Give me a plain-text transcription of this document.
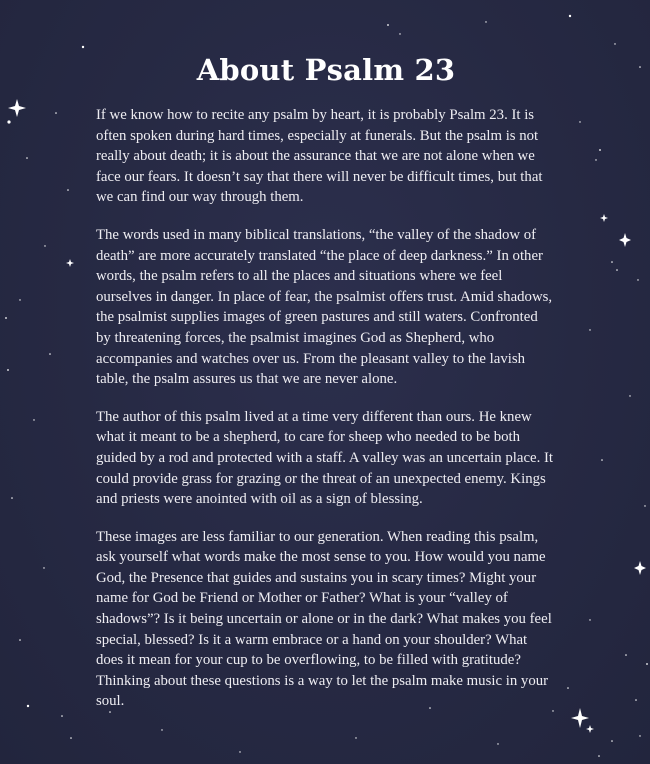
About Psalm 23

If we know how to recite any psalm by heart, it is probably Psalm 23. It is often spoken during hard times, especially at funerals. But the psalm is not really about death; it is about the assurance that we are not alone when we face our fears. It doesn’t say that there will never be difficult times, but that we can find our way through them.

The words used in many biblical translations, “the valley of the shadow of death” are more accurately translated “the place of deep darkness.” In other words, the psalm refers to all the places and situations where we feel ourselves in danger. In place of fear, the psalmist offers trust. Amid shadows, the psalmist supplies images of green pastures and still waters. Confronted by threatening forces, the psalmist imagines God as Shepherd, who accompanies and watches over us. From the pleasant valley to the lavish table, the psalm assures us that we are never alone.

The author of this psalm lived at a time very different than ours. He knew what it meant to be a shepherd, to care for sheep who needed to be both guided by a rod and protected with a staff. A valley was an uncertain place. It could provide grass for grazing or the threat of an unexpected enemy. Kings and priests were anointed with oil as a sign of blessing.

These images are less familiar to our generation. When reading this psalm, ask yourself what words make the most sense to you. How would you name God, the Presence that guides and sustains you in scary times? Might your name for God be Friend or Mother or Father? What is your “valley of shadows”? Is it being uncertain or alone or in the dark? What makes you feel special, blessed? Is it a warm embrace or a hand on your shoulder? What does it mean for your cup to be overflowing, to be filled with gratitude? Thinking about these questions is a way to let the psalm make music in your soul.
